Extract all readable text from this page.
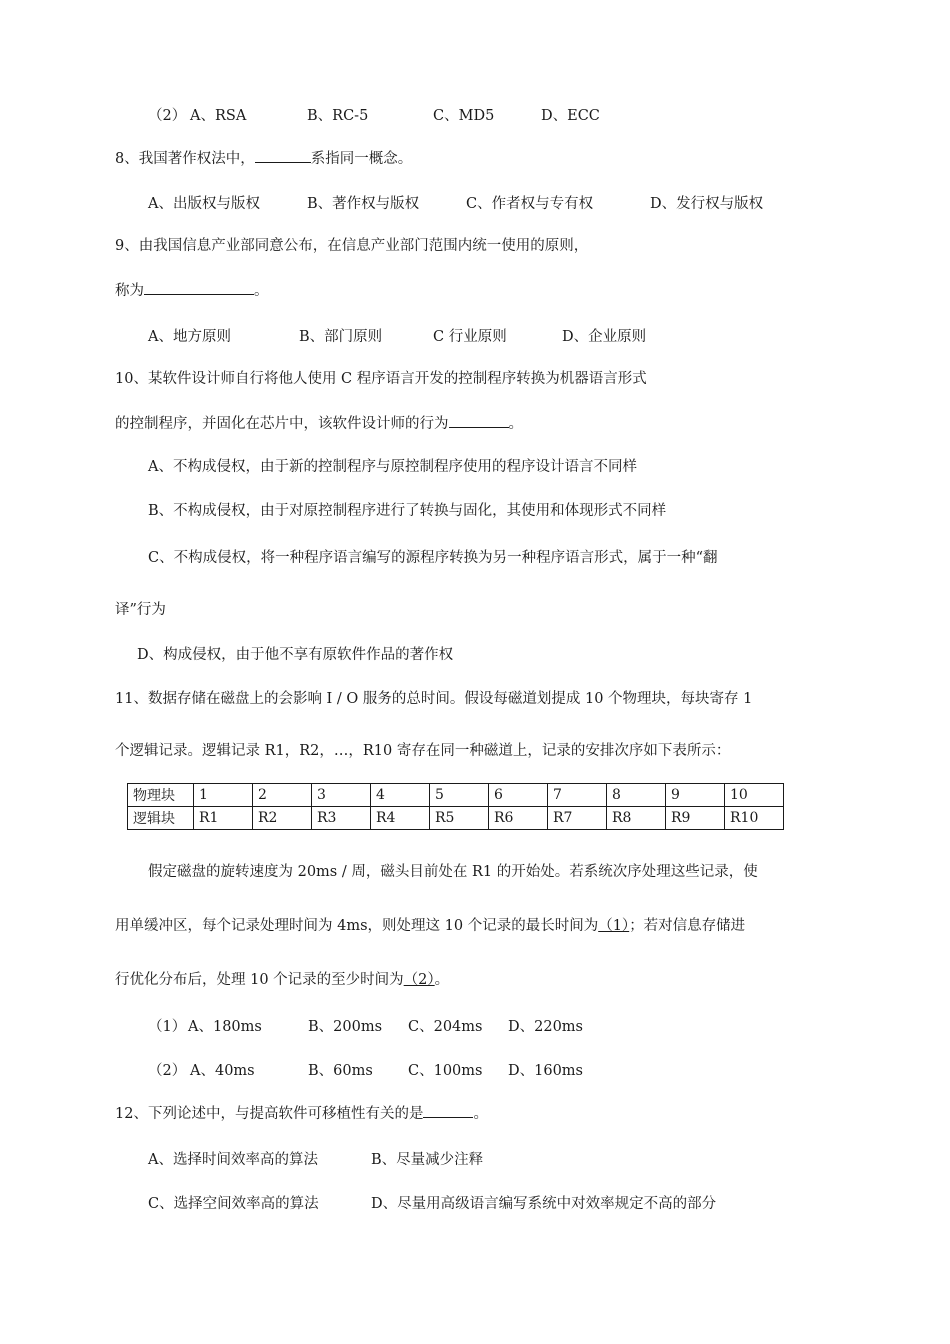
（2） A、RSA	B、RC-5	C、MD5	D、ECC
8、我国著作权法中，	系指同一概念。
A、出版权与版权	B、著作权与版权	C、作者权与专有权	D、发行权与版权
9、由我国信息产业部同意公布，在信息产业部门范围内统一使用的原则，
称为	。
A、地方原则	B、部门原则	C 行业原则	D、企业原则
10、某软件设计师自行将他人使用 C 程序语言开发的控制程序转换为机器语言形式
的控制程序，并固化在芯片中，该软件设计师的行为	。
A、不构成侵权，由于新的控制程序与原控制程序使用的程序设计语言不同样
B、不构成侵权，由于对原控制程序进行了转换与固化，其使用和体现形式不同样
C、不构成侵权，将一种程序语言编写的源程序转换为另一种程序语言形式，属于一种“翻
译”行为
D、构成侵权，由于他不享有原软件作品的著作权
11、数据存储在磁盘上的会影响 I / O 服务的总时间。假设每磁道划提成 10 个物理块，每块寄存 1
个逻辑记录。逻辑记录 R1，R2，…，R10 寄存在同一种磁道上，记录的安排次序如下表所示：
物理块	1	2	3	4	5	6	7	8	9	10
逻辑块	R1	R2	R3	R4	R5	R6	R7	R8	R9	R10
假定磁盘的旋转速度为 20ms / 周，磁头目前处在 R1 的开始处。若系统次序处理这些记录，使
用单缓冲区，每个记录处理时间为 4ms，则处理这 10 个记录的最长时间为（1）；若对信息存储进
行优化分布后，处理 10 个记录的至少时间为（2）。
（1） A、180ms	B、200ms C、204ms D、220ms
（2） A、40ms	B、60ms C、100ms D、160ms
12、下列论述中，与提高软件可移植性有关的是	。
A、选择时间效率高的算法	B、尽量减少注释
C、选择空间效率高的算法	D、尽量用高级语言编写系统中对效率规定不高的部分
